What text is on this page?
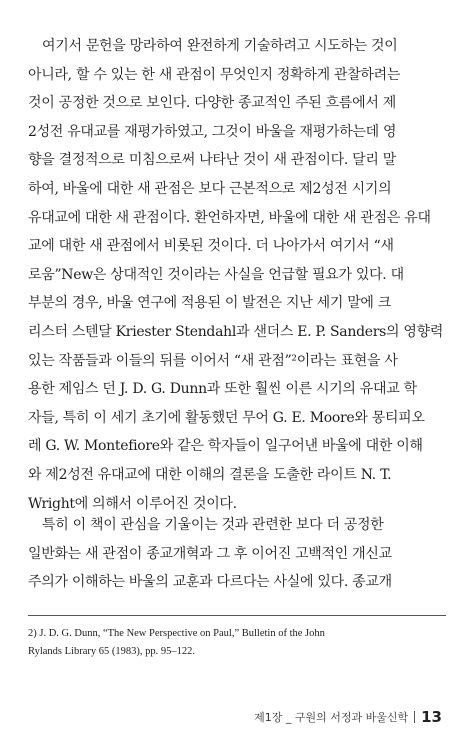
여기서 문헌을 망라하여 완전하게 기술하려고 시도하는 것이
아니라, 할 수 있는 한 새 관점이 무엇인지 정확하게 관찰하려는
것이 공정한 것으로 보인다. 다양한 종교적인 주된 흐름에서 제
2성전 유대교를 재평가하였고, 그것이 바울을 재평가하는데 영
향을 결정적으로 미침으로써 나타난 것이 새 관점이다. 달리 말
하여, 바울에 대한 새 관점은 보다 근본적으로 제2성전 시기의
유대교에 대한 새 관점이다. 환언하자면, 바울에 대한 새 관점은 유대
교에 대한 새 관점에서 비롯된 것이다. 더 나아가서 여기서 “새
로움”New은 상대적인 것이라는 사실을 언급할 필요가 있다. 대
부분의 경우, 바울 연구에 적용된 이 발전은 지난 세기 말에 크
리스터 스텐달 Kriester Stendahl과 샌더스 E. P. Sanders의 영향력
있는 작품들과 이들의 뒤를 이어서 “새 관점”²이라는 표현을 사
용한 제임스 던 J. D. G. Dunn과 또한 훨씬 이른 시기의 유대교 학
자들, 특히 이 세기 초기에 활동했던 무어 G. E. Moore와 몽티피오
레 G. W. Montefiore와 같은 학자들이 일구어낸 바울에 대한 이해
와 제2성전 유대교에 대한 이해의 결론을 도출한 라이트 N. T.
Wright에 의해서 이루어진 것이다.
특히 이 책이 관심을 기울이는 것과 관련한 보다 더 공정한
일반화는 새 관점이 종교개혁과 그 후 이어진 고백적인 개신교
주의가 이해하는 바울의 교훈과 다르다는 사실에 있다. 종교개
2) J. D. G. Dunn, “The New Perspective on Paul,” Bulletin of the John
Rylands Library 65 (1983), pp. 95–122.
제1장 _ 구원의 서정과 바울신학 13
